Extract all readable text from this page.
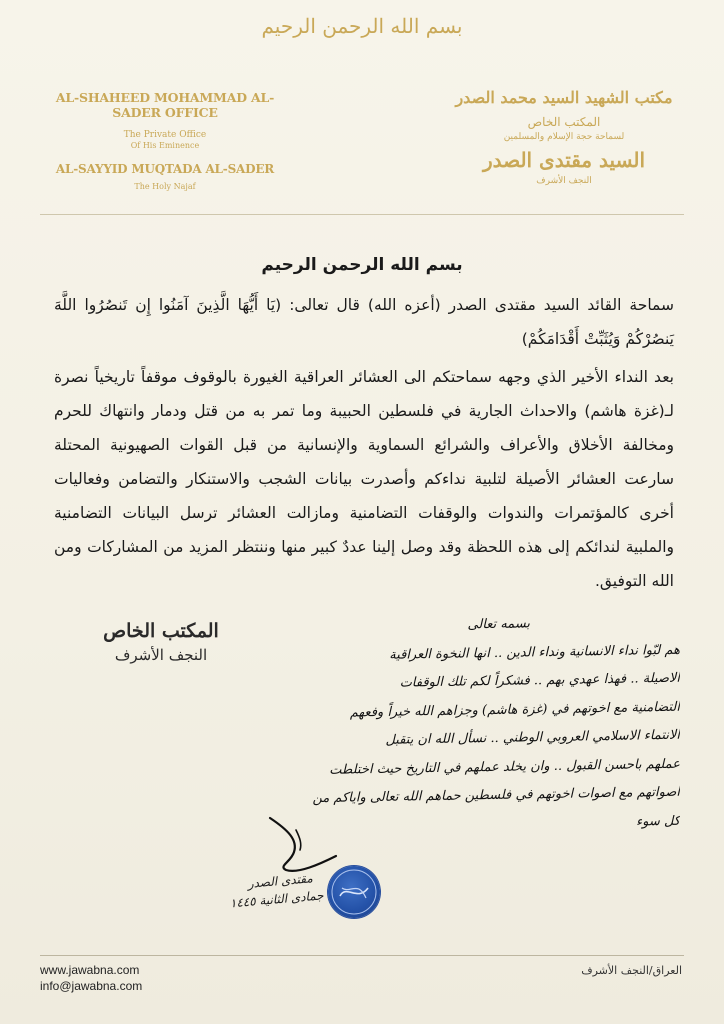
بسم الله الرحمن الرحيم
AL-SHAHEED MOHAMMAD AL-SADER OFFICE
The Private Office
Of His Eminence
AL-SAYYID MUQTADA AL-SADER
The Holy Najaf
مكتب الشهيد السيد محمد الصدر
المكتب الخاص
لسماحة حجة الإسلام والمسلمين
السيد مقتدى الصدر
النجف الأشرف
بسم الله الرحمن الرحيم

سماحة القائد السيد مقتدى الصدر (أعزه الله) قال تعالى: (يَا أَيُّهَا الَّذِينَ آمَنُوا إِن تَنصُرُوا اللَّهَ يَنصُرْكُمْ وَيُثَبِّتْ أَقْدَامَكُمْ)

بعد النداء الأخير الذي وجهه سماحتكم الى العشائر العراقية الغيورة بالوقوف موقفاً تاريخياً نصرة لـ(غزة هاشم) والاحداث الجارية في فلسطين الحبيبة وما تمر به من قتل ودمار وانتهاك للحرم ومخالفة الأخلاق والأعراف والشرائع السماوية والإنسانية من قبل القوات الصهيونية المحتلة سارعت العشائر الأصيلة لتلبية نداءكم وأصدرت بيانات الشجب والاستنكار والتضامن وفعاليات أخرى كالمؤتمرات والندوات والوقفات التضامنية ومازالت العشائر ترسل البيانات التضامنية والملبية لندائكم إلى هذه اللحظة وقد وصل إلينا عددٌ كبير منها وننتظر المزيد من المشاركات ومن الله التوفيق.

المكتب الخاص
النجف الأشرف
بسمه تعالى
هم لبّوا نداء الانسانية ونداء الدين .. انها النخوة العراقية
الاصيلة .. فهذا عهدي بهم .. فشكراً لكم تلك الوقفات
التضامنية مع اخوتهم في (غزة هاشم) وجزاهم الله خيراً وفعهم
الانتماء الاسلامي العروبي الوطني .. نسأل الله ان يتقبل
عملهم باحسن القبول .. وان يخلد عملهم في التاريخ حيث اختلطت
اصواتهم مع اصوات اخوتهم في فلسطين حماهم الله تعالى واياكم من
كل سوء
مقتدى الصدر
جمادى الثانية ١٤٤٥
www.jawabna.com
info@jawabna.com
العراق/النجف الأشرف
